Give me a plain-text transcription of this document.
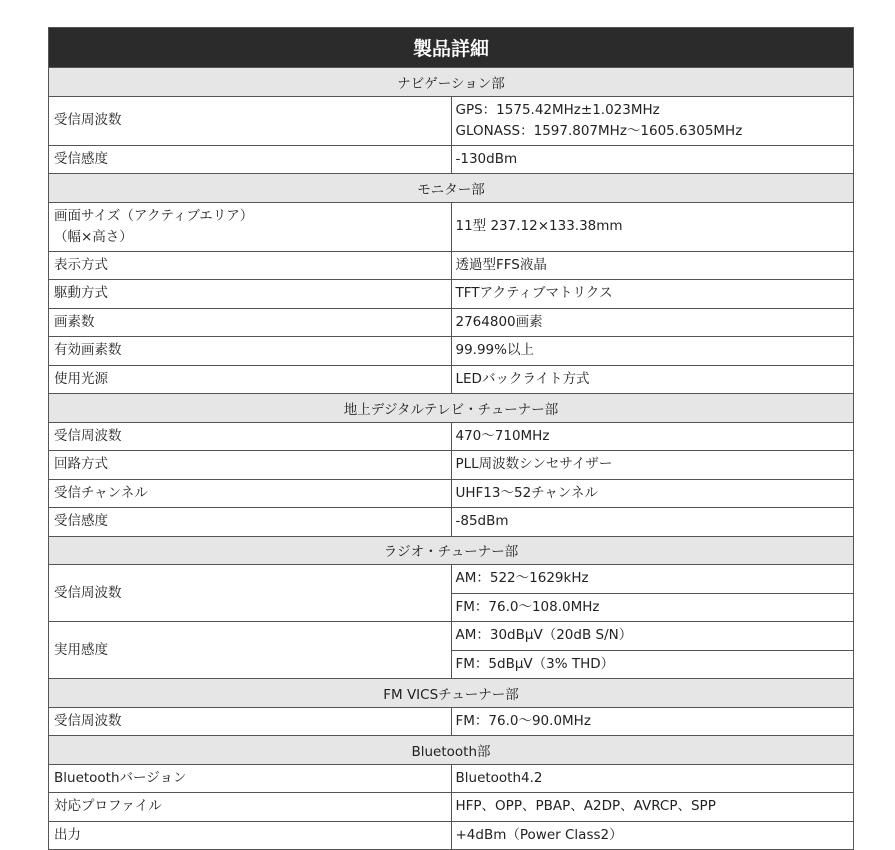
製品詳細	
ナビゲーション部	
受信周波数	GPS：1575.42MHz±1.023MHz
GLONASS：1597.807MHz～1605.6305MHz

受信感度	-130dBm
モニター部	

画面サイズ（アクティブエリア）
（幅×高さ）	11型 237.12×133.38mm
表示方式	透過型FFS液晶
駆動方式	TFTアクティブマトリクス
画素数	2764800画素
有効画素数	99.99%以上
使用光源	LEDバックライト方式
地上デジタルテレビ・チューナー部	
受信周波数	470～710MHz
回路方式	PLL周波数シンセサイザー
受信チャンネル	UHF13～52チャンネル
受信感度	-85dBm
ラジオ・チューナー部	
受信周波数	AM：522～1629kHz
	FM：76.0～108.0MHz
実用感度	AM：30dBμV（20dB S/N）
	FM：5dBμV（3% THD）
FM VICSチューナー部	
受信周波数	FM：76.0～90.0MHz
Bluetooth部	
Bluetoothバージョン	Bluetooth4.2
対応プロファイル	HFP、OPP、PBAP、A2DP、AVRCP、SPP
出力	+4dBm（Power Class2）
